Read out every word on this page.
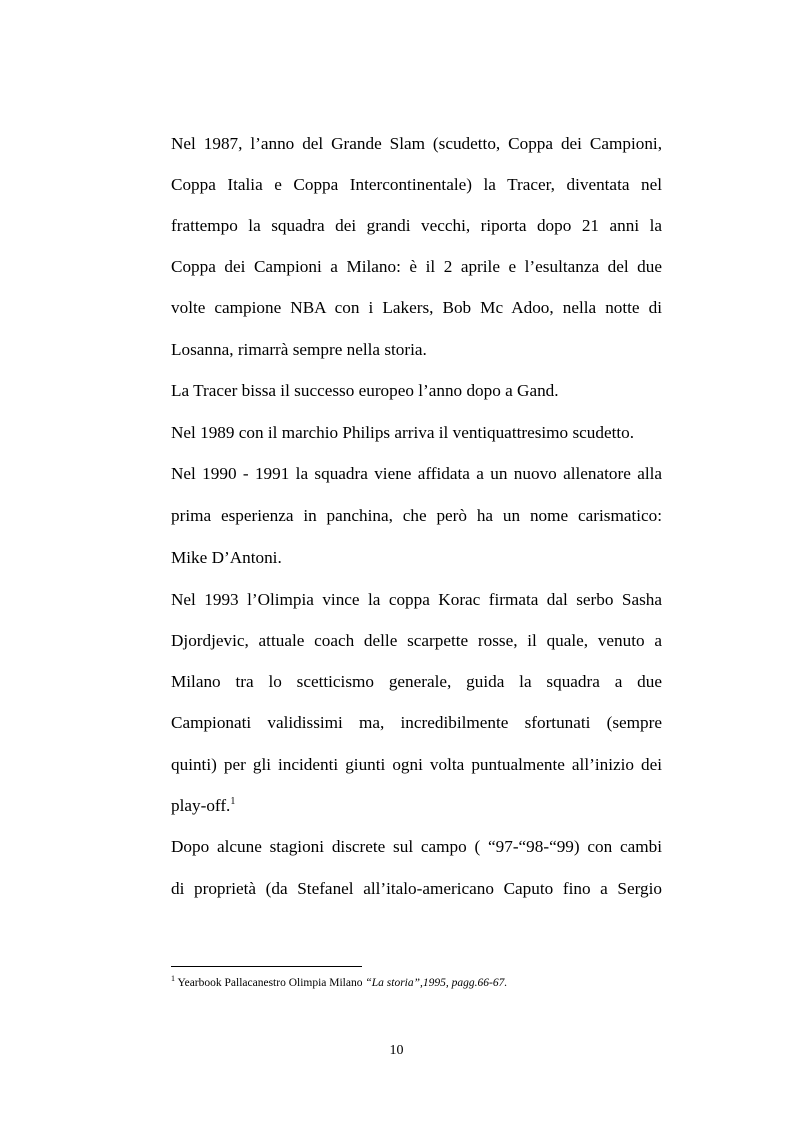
Nel 1987, l’anno del Grande Slam (scudetto, Coppa dei Campioni,
Coppa Italia e Coppa Intercontinentale) la Tracer, diventata nel
frattempo la squadra dei grandi vecchi, riporta dopo 21 anni la
Coppa dei Campioni a Milano: è il 2 aprile e l’esultanza del due
volte campione NBA con i Lakers, Bob Mc Adoo, nella notte di
Losanna, rimarrà sempre nella storia.
La Tracer bissa il successo europeo l’anno dopo a Gand.
Nel 1989 con il marchio Philips arriva il ventiquattresimo scudetto.
Nel 1990 - 1991 la squadra viene affidata a un nuovo allenatore alla
prima esperienza in panchina, che però ha un nome carismatico:
Mike D’Antoni.
Nel 1993 l’Olimpia vince la coppa Korac firmata dal serbo Sasha
Djordjevic, attuale coach delle scarpette rosse, il quale, venuto a
Milano tra lo scetticismo generale, guida la squadra a due
Campionati validissimi ma, incredibilmente sfortunati (sempre
quinti) per gli incidenti giunti ogni volta puntualmente all’inizio dei
play-off.$^1$
Dopo alcune stagioni discrete sul campo ( “97-“98-“99) con cambi
di proprietà (da Stefanel all’italo-americano Caputo fino a Sergio
$^1$ Yearbook Pallacanestro Olimpia Milano “La storia”,1995, pagg.66-67.
10
